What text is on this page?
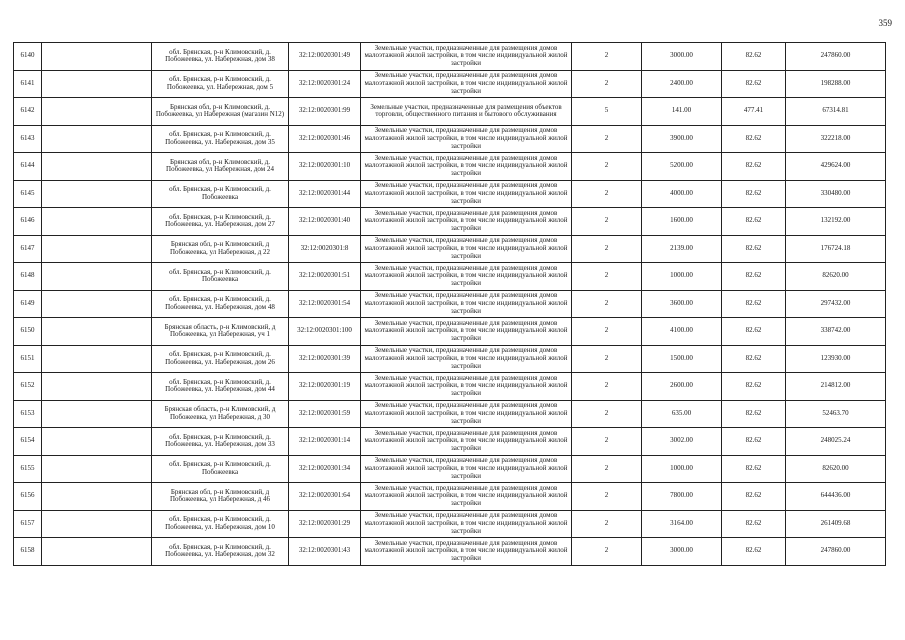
359
6140		обл. Брянская, р-н Климовский, д. Побожеевка, ул. Набережная, дом 38	32:12:0020301:49	Земельные участки, предназначенные для размещения домов малоэтажной жилой застройки, в том числе индивидуальной жилой застройки	2	3000.00	82.62	247860.00
6141		обл. Брянская, р-н Климовский, д. Побожеевка, ул. Набережная, дом 5	32:12:0020301:24	Земельные участки, предназначенные для размещения домов малоэтажной жилой застройки, в том числе индивидуальной жилой застройки	2	2400.00	82.62	198288.00
6142		Брянская обл, р-н Климовский, д. Побожеевка, ул Набережная (магазин N12)	32:12:0020301:99	Земельные участки, предназначенные для размещения объектов торговли, общественного питания и бытового обслуживания	5	141.00	477.41	67314.81
6143		обл. Брянская, р-н Климовский, д. Побожеевка, ул. Набережная, дом 35	32:12:0020301:46	Земельные участки, предназначенные для размещения домов малоэтажной жилой застройки, в том числе индивидуальной жилой застройки	2	3900.00	82.62	322218.00
6144		Брянская обл, р-н Климовский, д. Побожеевка, ул Набережная, дом 24	32:12:0020301:10	Земельные участки, предназначенные для размещения домов малоэтажной жилой застройки, в том числе индивидуальной жилой застройки	2	5200.00	82.62	429624.00
6145		обл. Брянская, р-н Климовский, д. Побожеевка	32:12:0020301:44	Земельные участки, предназначенные для размещения домов малоэтажной жилой застройки, в том числе индивидуальной жилой застройки	2	4000.00	82.62	330480.00
6146		обл. Брянская, р-н Климовский, д. Побожеевка, ул. Набережная, дом 27	32:12:0020301:40	Земельные участки, предназначенные для размещения домов малоэтажной жилой застройки, в том числе индивидуальной жилой застройки	2	1600.00	82.62	132192.00
6147		Брянская обл, р-н Климовский, д Побожеевка, ул Набережная, д 22	32:12:0020301:8	Земельные участки, предназначенные для размещения домов малоэтажной жилой застройки, в том числе индивидуальной жилой застройки	2	2139.00	82.62	176724.18
6148		обл. Брянская, р-н Климовский, д. Побожеевка	32:12:0020301:51	Земельные участки, предназначенные для размещения домов малоэтажной жилой застройки, в том числе индивидуальной жилой застройки	2	1000.00	82.62	82620.00
6149		обл. Брянская, р-н Климовский, д. Побожеевка, ул. Набережная, дом 48	32:12:0020301:54	Земельные участки, предназначенные для размещения домов малоэтажной жилой застройки, в том числе индивидуальной жилой застройки	2	3600.00	82.62	297432.00
6150		Брянская область, р-н Климовский, д Побожеевка, ул Набережная, уч 1	32:12:0020301:100	Земельные участки, предназначенные для размещения домов малоэтажной жилой застройки, в том числе индивидуальной жилой застройки	2	4100.00	82.62	338742.00
6151		обл. Брянская, р-н Климовский, д. Побожеевка, ул. Набережная, дом 26	32:12:0020301:39	Земельные участки, предназначенные для размещения домов малоэтажной жилой застройки, в том числе индивидуальной жилой застройки	2	1500.00	82.62	123930.00
6152		обл. Брянская, р-н Климовский, д. Побожеевка, ул. Набережная, дом 44	32:12:0020301:19	Земельные участки, предназначенные для размещения домов малоэтажной жилой застройки, в том числе индивидуальной жилой застройки	2	2600.00	82.62	214812.00
6153		Брянская область, р-н Климовский, д Побожеевка, ул Набережная, д 30	32:12:0020301:59	Земельные участки, предназначенные для размещения домов малоэтажной жилой застройки, в том числе индивидуальной жилой застройки	2	635.00	82.62	52463.70
6154		обл. Брянская, р-н Климовский, д. Побожеевка, ул. Набережная, дом 33	32:12:0020301:14	Земельные участки, предназначенные для размещения домов малоэтажной жилой застройки, в том числе индивидуальной жилой застройки	2	3002.00	82.62	248025.24
6155		обл. Брянская, р-н Климовский, д. Побожеевка	32:12:0020301:34	Земельные участки, предназначенные для размещения домов малоэтажной жилой застройки, в том числе индивидуальной жилой застройки	2	1000.00	82.62	82620.00
6156		Брянская обл, р-н Климовский, д Побожеевка, ул Набережная, д 46	32:12:0020301:64	Земельные участки, предназначенные для размещения домов малоэтажной жилой застройки, в том числе индивидуальной жилой застройки	2	7800.00	82.62	644436.00
6157		обл. Брянская, р-н Климовский, д. Побожеевка, ул. Набережная, дом 10	32:12:0020301:29	Земельные участки, предназначенные для размещения домов малоэтажной жилой застройки, в том числе индивидуальной жилой застройки	2	3164.00	82.62	261409.68
6158		обл. Брянская, р-н Климовский, д. Побожеевка, ул. Набережная, дом 32	32:12:0020301:43	Земельные участки, предназначенные для размещения домов малоэтажной жилой застройки, в том числе индивидуальной жилой застройки	2	3000.00	82.62	247860.00
